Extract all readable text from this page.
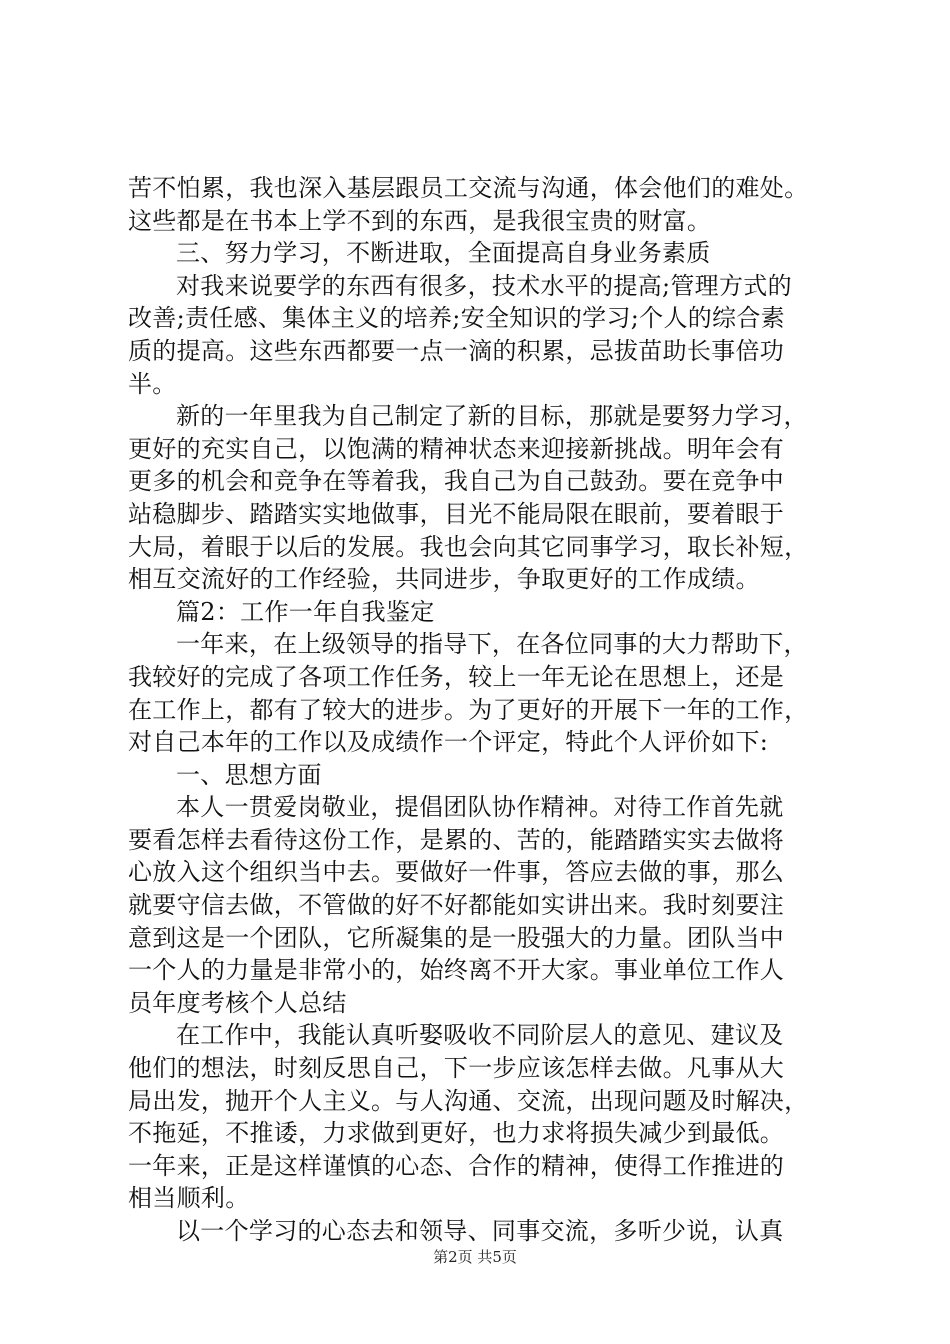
苦不怕累，我也深入基层跟员工交流与沟通，体会他们的难处。
这些都是在书本上学不到的东西，是我很宝贵的财富。
三、努力学习，不断进取，全面提高自身业务素质
对我来说要学的东西有很多，技术水平的提高;管理方式的
改善;责任感、集体主义的培养;安全知识的学习;个人的综合素
质的提高。这些东西都要一点一滴的积累，忌拔苗助长事倍功
半。
新的一年里我为自己制定了新的目标，那就是要努力学习，
更好的充实自己，以饱满的精神状态来迎接新挑战。明年会有
更多的机会和竞争在等着我，我自己为自己鼓劲。要在竞争中
站稳脚步、踏踏实实地做事，目光不能局限在眼前，要着眼于
大局，着眼于以后的发展。我也会向其它同事学习，取长补短，
相互交流好的工作经验，共同进步，争取更好的工作成绩。
篇2：工作一年自我鉴定
一年来，在上级领导的指导下，在各位同事的大力帮助下，
我较好的完成了各项工作任务，较上一年无论在思想上，还是
在工作上，都有了较大的进步。为了更好的开展下一年的工作，
对自己本年的工作以及成绩作一个评定，特此个人评价如下:
一、思想方面
本人一贯爱岗敬业，提倡团队协作精神。对待工作首先就
要看怎样去看待这份工作，是累的、苦的，能踏踏实实去做将
心放入这个组织当中去。要做好一件事，答应去做的事，那么
就要守信去做，不管做的好不好都能如实讲出来。我时刻要注
意到这是一个团队，它所凝集的是一股强大的力量。团队当中
一个人的力量是非常小的，始终离不开大家。事业单位工作人
员年度考核个人总结
在工作中，我能认真听娶吸收不同阶层人的意见、建议及
他们的想法，时刻反思自己，下一步应该怎样去做。凡事从大
局出发，抛开个人主义。与人沟通、交流，出现问题及时解决，
不拖延，不推诿，力求做到更好，也力求将损失减少到最低。
一年来，正是这样谨慎的心态、合作的精神，使得工作推进的
相当顺利。
以一个学习的心态去和领导、同事交流，多听少说，认真
第2页 共5页
